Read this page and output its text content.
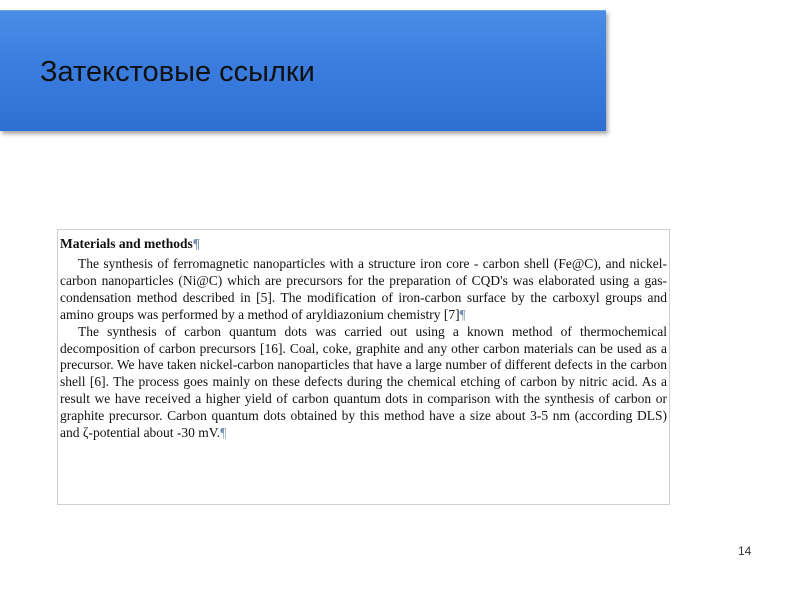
Затекстовые ссылки
Materials and methods¶

The synthesis of ferromagnetic nanoparticles with a structure iron core - carbon shell (Fe@C), and nickel-carbon nanoparticles (Ni@C) which are precursors for the preparation of CQD's was elaborated using a gas-condensation method described in [5]. The modification of iron-carbon surface by the carboxyl groups and amino groups was performed by a method of aryldiazonium chemistry [7]¶

The synthesis of carbon quantum dots was carried out using a known method of thermochemical decomposition of carbon precursors [16]. Coal, coke, graphite and any other carbon materials can be used as a precursor. We have taken nickel-carbon nanoparticles that have a large number of different defects in the carbon shell [6]. The process goes mainly on these defects during the chemical etching of carbon by nitric acid. As a result we have received a higher yield of carbon quantum dots in comparison with the synthesis of carbon or graphite precursor. Carbon quantum dots obtained by this method have a size about 3-5 nm (according DLS) and ζ-potential about -30 mV.¶

14
